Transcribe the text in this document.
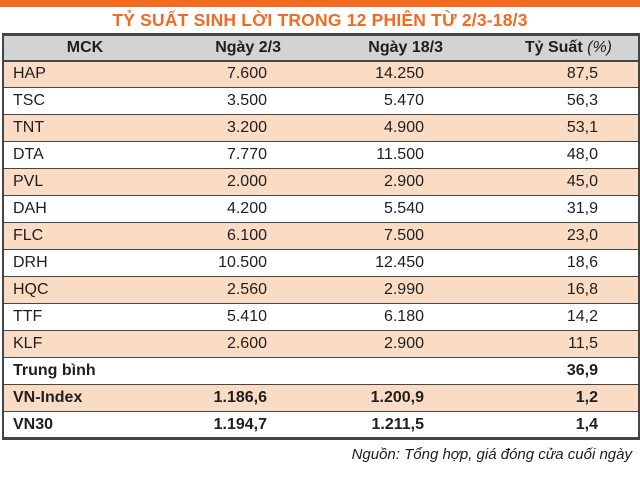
TỶ SUẤT SINH LỜI TRONG 12 PHIÊN TỪ 2/3-18/3
MCK	Ngày 2/3	Ngày 18/3	Tỷ Suất (%)
HAP	7.600	14.250	87,5
TSC	3.500	5.470	56,3
TNT	3.200	4.900	53,1
DTA	7.770	11.500	48,0
PVL	2.000	2.900	45,0
DAH	4.200	5.540	31,9
FLC	6.100	7.500	23,0
DRH	10.500	12.450	18,6
HQC	2.560	2.990	16,8
TTF	5.410	6.180	14,2
KLF	2.600	2.900	11,5
Trung bình			36,9
VN-Index	1.186,6	1.200,9	1,2
VN30	1.194,7	1.211,5	1,4
Nguồn: Tổng hợp, giá đóng cửa cuối ngày
